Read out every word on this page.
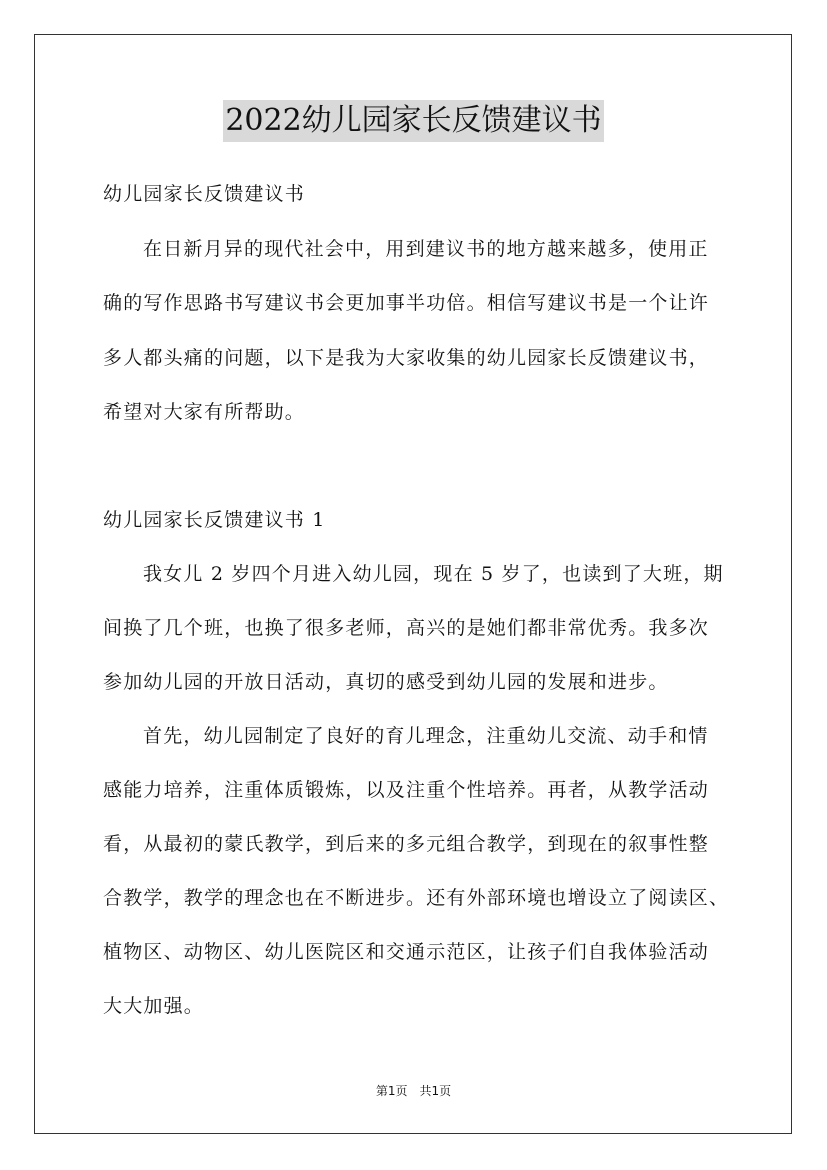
2022幼儿园家长反馈建议书
幼儿园家长反馈建议书
在日新月异的现代社会中，用到建议书的地方越来越多，使用正
确的写作思路书写建议书会更加事半功倍。相信写建议书是一个让许
多人都头痛的问题，以下是我为大家收集的幼儿园家长反馈建议书，
希望对大家有所帮助。
幼儿园家长反馈建议书 1
我女儿 2 岁四个月进入幼儿园，现在 5 岁了，也读到了大班，期
间换了几个班，也换了很多老师，高兴的是她们都非常优秀。我多次
参加幼儿园的开放日活动，真切的感受到幼儿园的发展和进步。
首先，幼儿园制定了良好的育儿理念，注重幼儿交流、动手和情
感能力培养，注重体质锻炼，以及注重个性培养。再者，从教学活动
看，从最初的蒙氏教学，到后来的多元组合教学，到现在的叙事性整
合教学，教学的理念也在不断进步。还有外部环境也增设立了阅读区、
植物区、动物区、幼儿医院区和交通示范区，让孩子们自我体验活动
大大加强。
第1页　共1页
